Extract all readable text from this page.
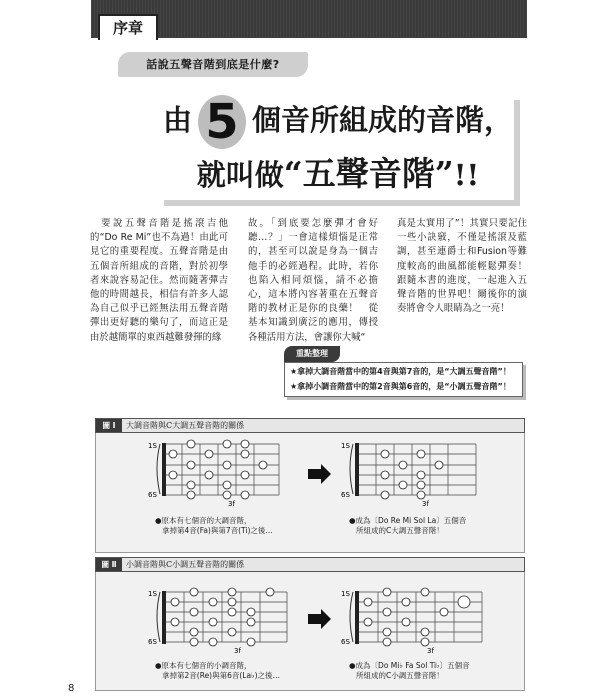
序章
話說五聲音階到底是什麼?
由 5 個音所組成的音階，
就叫做“五聲音階”!!
要說五聲音階是搖滾吉他的“Do Re Mi”也不為過！由此可見它的重要程度。五聲音階是由五個音所組成的音階，對於初學者來說容易記住。然而隨著彈吉他的時間越長，相信有許多人認為自己似乎已經無法用五聲音階彈出更好聽的樂句了，而這正是由於越簡單的東西越難發揮的緣
故。「到底要怎麼彈才會好聽…？」一會這樣煩惱是正常的，甚至可以說是身為一個吉他手的必經過程。此時，若你也陷入相同煩惱，請不必擔心，這本將內容著重在五聲音階的教材正是你的良藥！　從基本知識到廣泛的應用，傳授各種活用方法，會讓你大喊“
真是太實用了”！其實只要記住一些小訣竅，不僅是搖滾及藍調，甚至連爵士和Fusion等難度較高的曲風都能輕鬆彈奏！跟隨本書的進度，一起進入五聲音階的世界吧！爾後你的演奏將會令人眼睛為之一亮！
重點整理
★拿掉大調音階當中的第4音與第7音的，是“大調五聲音階”！
★拿掉小調音階當中的第2音與第6音的，是“小調五聲音階”！
圖 Ⅰ	大調音階與C大調五聲音階的關係
圖 Ⅱ	小調音階與C小調五聲音階的關係
1S
6S
3f
1S
6S
3f
1S
6S
3f
1S
6S
3f
●原本有七個音的大調音階，
拿掉第4音(Fa)與第7音(Ti)之後…
●成為〔Do Re Mi Sol La〕五個音
所組成的C大調五聲音階！
●原本有七個音的小調音階，
拿掉第2音(Re)與第6音(La♭)之後…
●成為〔Do Mi♭ Fa Sol Ti♭〕五個音
所組成的C小調五聲音階！
8
